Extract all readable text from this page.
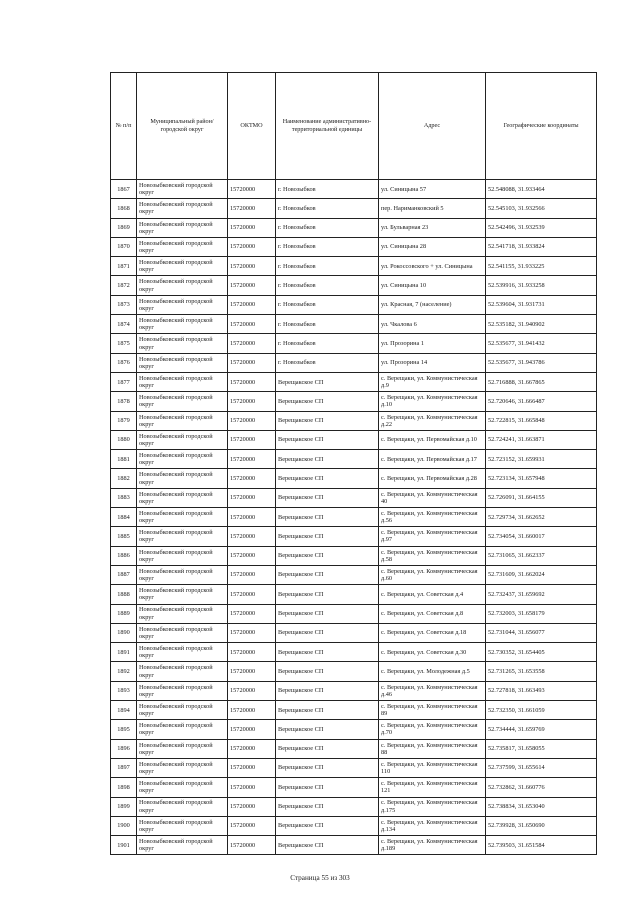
№ п/п	Муниципальный район/городской округ	ОКТМО	Наименование административно-территориальной единицы	Адрес	Географические координаты
1867	Новозыбковский городской округ	15720000	г. Новозыбков	ул. Синицына 57	52.548088, 31.933464
1868	Новозыбковский городской округ	15720000	г. Новозыбков	пер. Нариманковский 5	52.545103, 31.932566
1869	Новозыбковский городской округ	15720000	г. Новозыбков	ул. Бульварная 23	52.542496, 31.932539
1870	Новозыбковский городской округ	15720000	г. Новозыбков	ул. Синицына 28	52.541718, 31.933824
1871	Новозыбковский городской округ	15720000	г. Новозыбков	ул. Рокоссовского + ул. Синицына	52.541155, 31.933225
1872	Новозыбковский городской округ	15720000	г. Новозыбков	ул. Синицына 10	52.539916, 31.933258
1873	Новозыбковский городской округ	15720000	г. Новозыбков	ул. Красная, 7 (население)	52.539604, 31.931731
1874	Новозыбковский городской округ	15720000	г. Новозыбков	ул. Чкалова 6	52.535182, 31.940902
1875	Новозыбковский городской округ	15720000	г. Новозыбков	ул. Прозорина 1	52.535677, 31.941432
1876	Новозыбковский городской округ	15720000	г. Новозыбков	ул. Прозорина 14	52.535677, 31.943786
1877	Новозыбковский городской округ	15720000	Верещакское СП	с. Верещаки, ул. Коммунистическая д.9	52.716888, 31.667865
1878	Новозыбковский городской округ	15720000	Верещакское СП	с. Верещаки, ул. Коммунистическая д.10	52.720646, 31.666487
1879	Новозыбковский городской округ	15720000	Верещакское СП	с. Верещаки, ул. Коммунистическая д.22	52.722815, 31.665848
1880	Новозыбковский городской округ	15720000	Верещакское СП	с. Верещаки, ул. Первомайская д.10	52.724241, 31.663871
1881	Новозыбковский городской округ	15720000	Верещакское СП	с. Верещаки, ул. Первомайская д.17	52.723152, 31.659931
1882	Новозыбковский городской округ	15720000	Верещакское СП	с. Верещаки, ул. Первомайская д.28	52.723134, 31.657948
1883	Новозыбковский городской округ	15720000	Верещакское СП	с. Верещаки, ул. Коммунистическая 40	52.726091, 31.664155
1884	Новозыбковский городской округ	15720000	Верещакское СП	с. Верещаки, ул. Коммунистическая д.56	52.729734, 31.662652
1885	Новозыбковский городской округ	15720000	Верещакское СП	с. Верещаки, ул. Коммунистическая д.97	52.734054, 31.660017
1886	Новозыбковский городской округ	15720000	Верещакское СП	с. Верещаки, ул. Коммунистическая д.58	52.731065, 31.662337
1887	Новозыбковский городской округ	15720000	Верещакское СП	с. Верещаки, ул. Коммунистическая д.60	52.731609, 31.662024
1888	Новозыбковский городской округ	15720000	Верещакское СП	с. Верещаки, ул. Советская д.4	52.732437, 31.659692
1889	Новозыбковский городской округ	15720000	Верещакское СП	с. Верещаки, ул. Советская д.8	52.732003, 31.658179
1890	Новозыбковский городской округ	15720000	Верещакское СП	с. Верещаки, ул. Советская д.18	52.731044, 31.656077
1891	Новозыбковский городской округ	15720000	Верещакское СП	с. Верещаки, ул. Советская д.30	52.730352, 31.654405
1892	Новозыбковский городской округ	15720000	Верещакское СП	с. Верещаки, ул. Молодежная д.5	52.731265, 31.653558
1893	Новозыбковский городской округ	15720000	Верещакское СП	с. Верещаки, ул. Коммунистическая д.46	52.727818, 31.663493
1894	Новозыбковский городской округ	15720000	Верещакское СП	с. Верещаки, ул. Коммунистическая 89	52.732350, 31.661059
1895	Новозыбковский городской округ	15720000	Верещакское СП	с. Верещаки, ул. Коммунистическая д.70	52.734444, 31.659769
1896	Новозыбковский городской округ	15720000	Верещакское СП	с. Верещаки, ул. Коммунистическая 88	52.735817, 31.658055
1897	Новозыбковский городской округ	15720000	Верещакское СП	с. Верещаки, ул. Коммунистическая 110	52.737599, 31.655614
1898	Новозыбковский городской округ	15720000	Верещакское СП	с. Верещаки, ул. Коммунистическая 121	52.732862, 31.660776
1899	Новозыбковский городской округ	15720000	Верещакское СП	с. Верещаки, ул. Коммунистическая д.175	52.738834, 31.653040
1900	Новозыбковский городской округ	15720000	Верещакское СП	с. Верещаки, ул. Коммунистическая д.134	52.739928, 31.650690
1901	Новозыбковский городской округ	15720000	Верещакское СП	с. Верещаки, ул. Коммунистическая д.189	52.739503, 31.651584
Страница 55 из 303
